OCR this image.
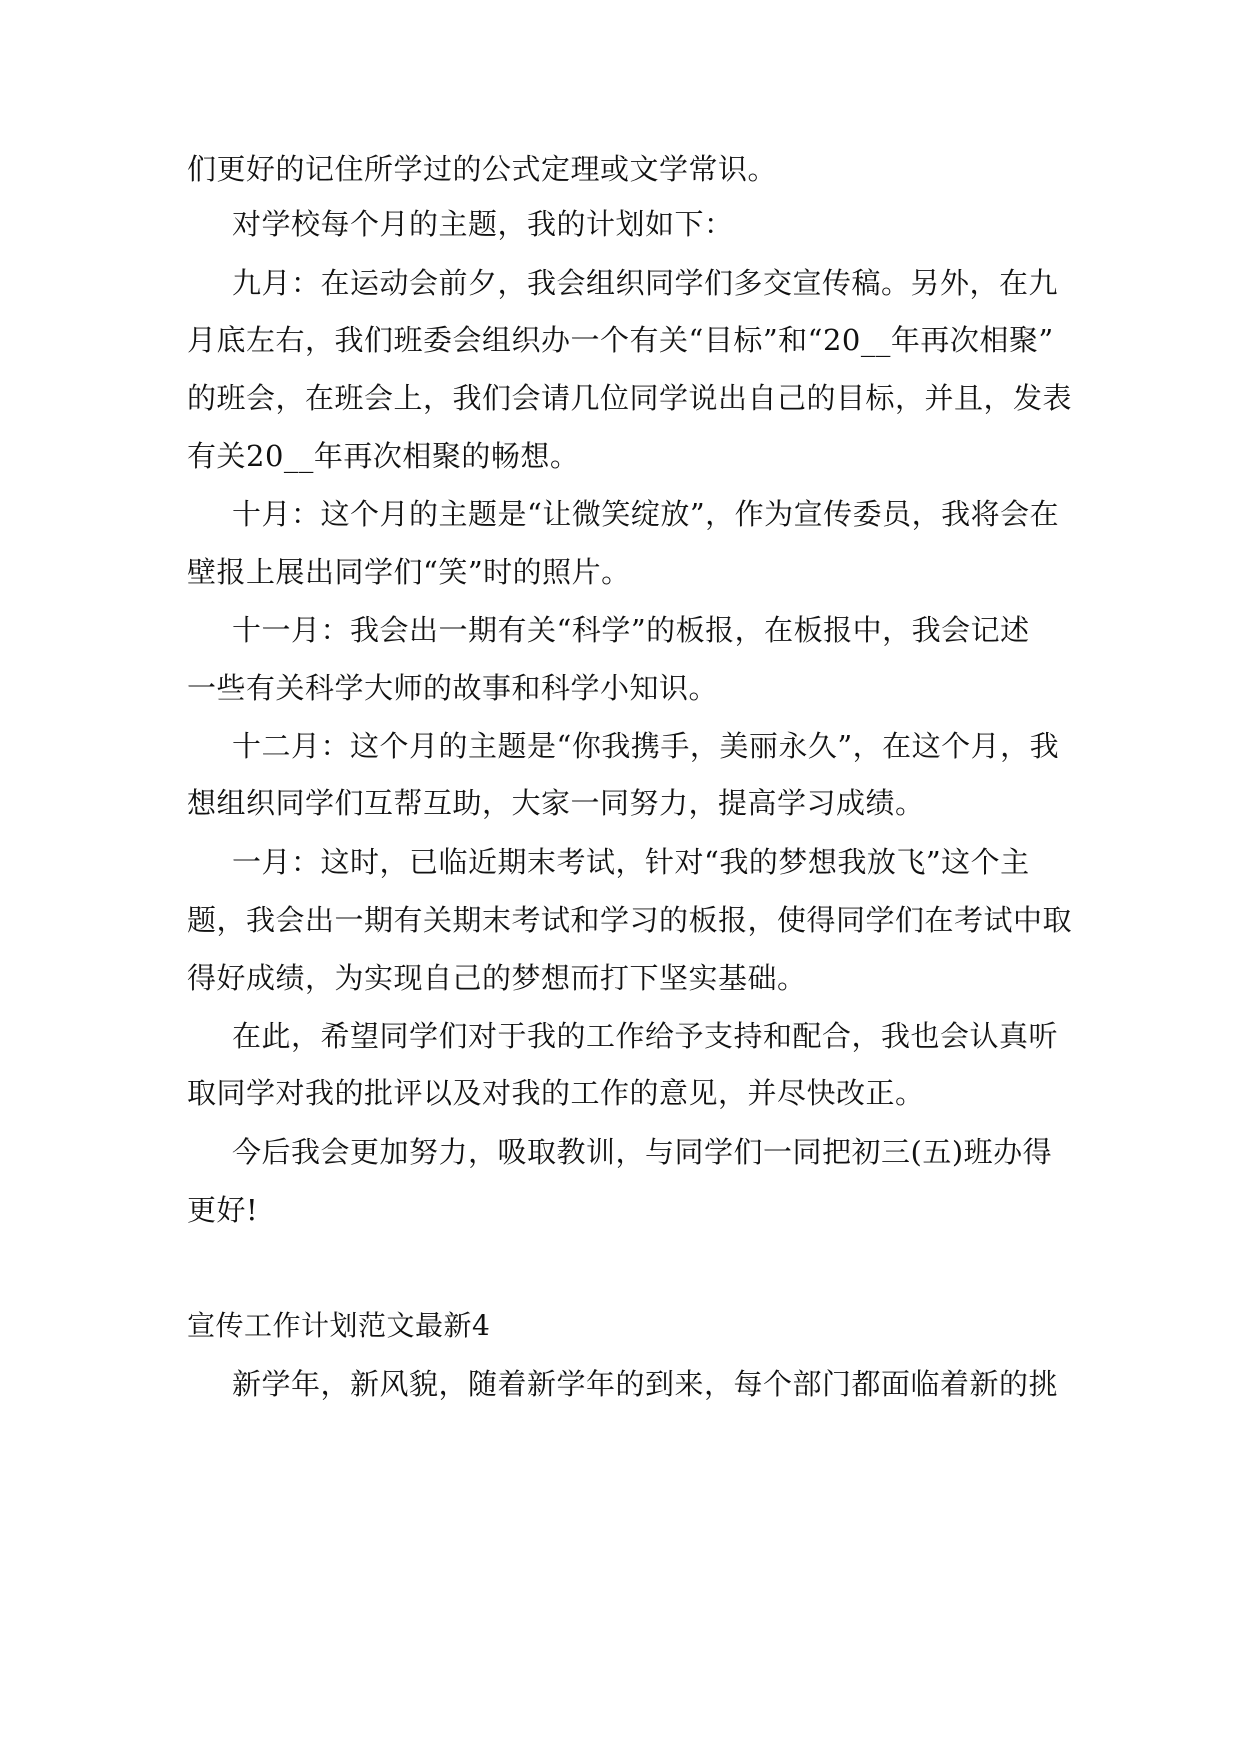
们更好的记住所学过的公式定理或文学常识。
对学校每个月的主题，我的计划如下：
九月：在运动会前夕，我会组织同学们多交宣传稿。另外，在九
月底左右，我们班委会组织办一个有关“目标”和“20__年再次相聚”
的班会，在班会上，我们会请几位同学说出自己的目标，并且，发表
有关20__年再次相聚的畅想。
十月：这个月的主题是“让微笑绽放”，作为宣传委员，我将会在
壁报上展出同学们“笑”时的照片。
十一月：我会出一期有关“科学”的板报，在板报中，我会记述
一些有关科学大师的故事和科学小知识。
十二月：这个月的主题是“你我携手，美丽永久”，在这个月，我
想组织同学们互帮互助，大家一同努力，提高学习成绩。
一月：这时，已临近期末考试，针对“我的梦想我放飞”这个主
题，我会出一期有关期末考试和学习的板报，使得同学们在考试中取
得好成绩，为实现自己的梦想而打下坚实基础。
在此，希望同学们对于我的工作给予支持和配合，我也会认真听
取同学对我的批评以及对我的工作的意见，并尽快改正。
今后我会更加努力，吸取教训，与同学们一同把初三(五)班办得
更好!
宣传工作计划范文最新4
新学年，新风貌，随着新学年的到来，每个部门都面临着新的挑
